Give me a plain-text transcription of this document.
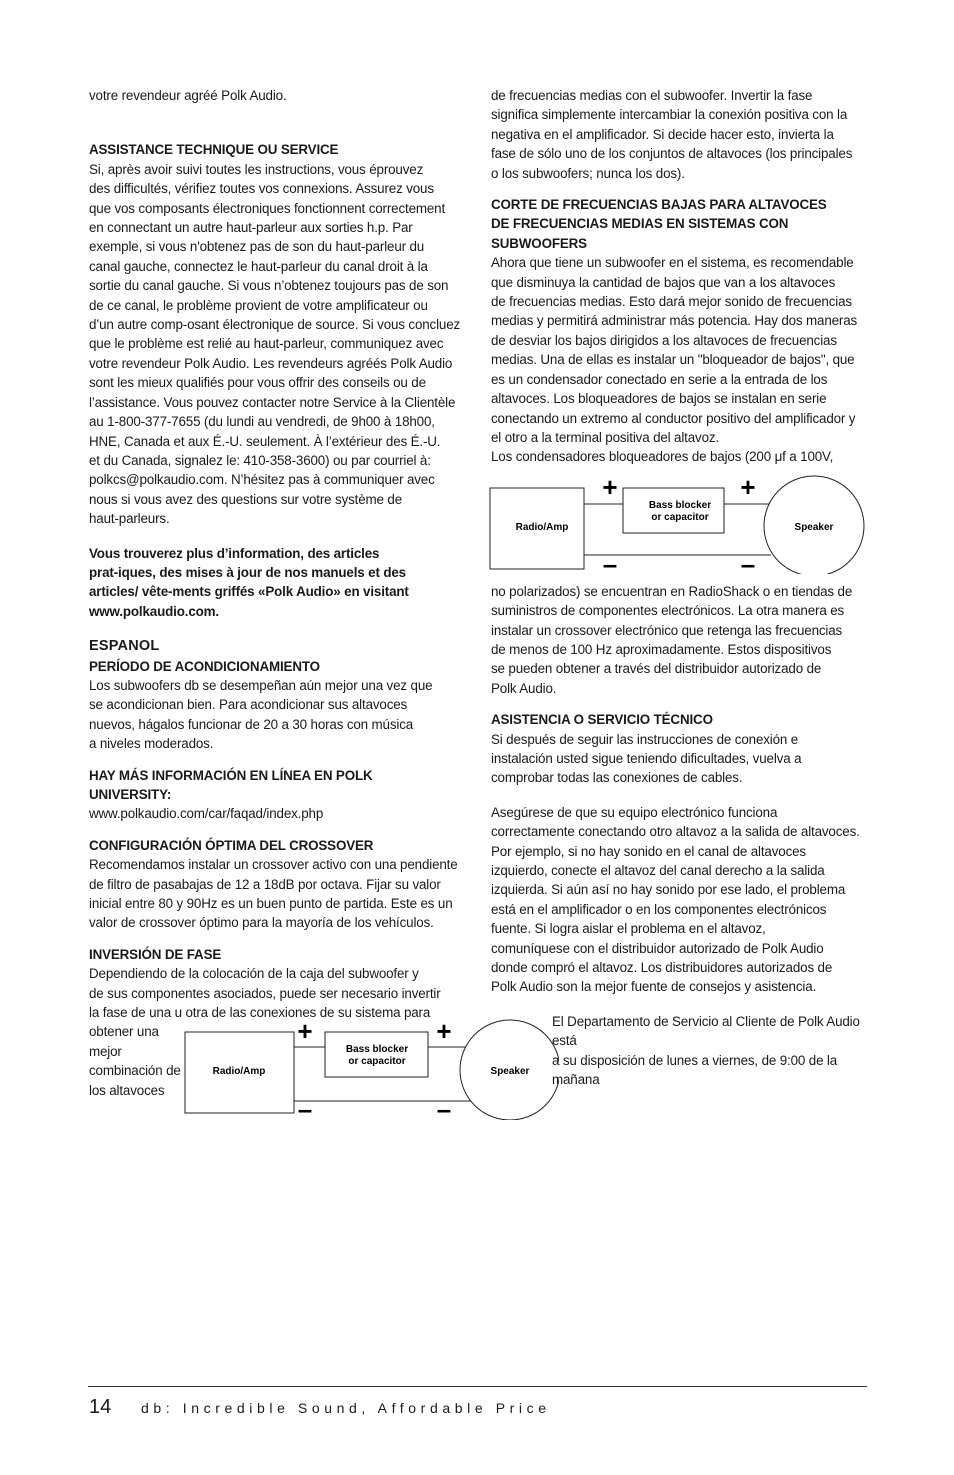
votre revendeur agréé Polk Audio.

ASSISTANCE TECHNIQUE OU SERVICE

Si, après avoir suivi toutes les instructions, vous éprouvez

des difficultés, vérifiez toutes vos connexions. Assurez vous

que vos composants électroniques fonctionnent correctement

en connectant un autre haut-parleur aux sorties h.p. Par

exemple, si vous n'obtenez pas de son du haut-parleur du

canal gauche, connectez le haut-parleur du canal droit à la

sortie du canal gauche. Si vous n’obtenez toujours pas de son

de ce canal, le problème provient de votre amplificateur ou

d’un autre comp-osant électronique de source. Si vous concluez

que le problème est relié au haut-parleur, communiquez avec

votre revendeur Polk Audio. Les revendeurs agréés Polk Audio

sont les mieux qualifiés pour vous offrir des conseils ou de

l’assistance. Vous pouvez contacter notre Service à la Clientèle

au 1-800-377-7655 (du lundi au vendredi, de 9h00 à 18h00,

HNE, Canada et aux É.-U. seulement. À l’extérieur des É.-U.

et du Canada, signalez le: 410-358-3600) ou par courriel à:

polkcs@polkaudio.com. N’hésitez pas à communiquer avec

nous si vous avez des questions sur votre système de

haut-parleurs.

Vous trouverez plus d’information, des articles

prat-iques, des mises à jour de nos manuels et des

articles/ vête-ments griffés «Polk Audio» en visitant

www.polkaudio.com.

ESPANOL

PERÍODO DE ACONDICIONAMIENTO

Los subwoofers db se desempeñan aún mejor una vez que

se acondicionan bien. Para acondicionar sus altavoces

nuevos, hágalos funcionar de 20 a 30 horas con música

a niveles moderados.

HAY MÁS INFORMACIÓN EN LÍNEA EN POLK

UNIVERSITY:

www.polkaudio.com/car/faqad/index.php

CONFIGURACIÓN ÓPTIMA DEL CROSSOVER

Recomendamos instalar un crossover activo con una pendiente

de filtro de pasabajas de 12 a 18dB por octava. Fijar su valor

inicial entre 80 y 90Hz es un buen punto de partida. Este es un

valor de crossover óptimo para la mayoría de los vehículos.

INVERSIÓN DE FASE

Dependiendo de la colocación de la caja del subwoofer y

de sus componentes asociados, puede ser necesario invertir

la fase de una u otra de las conexiones de su sistema para

obtener una

mejor

combinación de

los altavoces

Radio/Amp
Bass blocker
or capacitor
Speaker
+	+
–	–

de frecuencias medias con el subwoofer. Invertir la fase

significa simplemente intercambiar la conexión positiva con la

negativa en el amplificador. Si decide hacer esto, invierta la

fase de sólo uno de los conjuntos de altavoces (los principales

o los subwoofers; nunca los dos).

CORTE DE FRECUENCIAS BAJAS PARA ALTAVOCES

DE FRECUENCIAS MEDIAS EN SISTEMAS CON

SUBWOOFERS

Ahora que tiene un subwoofer en el sistema, es recomendable

que disminuya la cantidad de bajos que van a los altavoces

de frecuencias medias. Esto dará mejor sonido de frecuencias

medias y permitirá administrar más potencia. Hay dos maneras

de desviar los bajos dirigidos a los altavoces de frecuencias

medias. Una de ellas es instalar un "bloqueador de bajos", que

es un condensador conectado en serie a la entrada de los

altavoces. Los bloqueadores de bajos se instalan en serie

conectando un extremo al conductor positivo del amplificador y

el otro a la terminal positiva del altavoz.

Los condensadores bloqueadores de bajos (200 μf a 100V,

no polarizados) se encuentran en RadioShack o en tiendas de

suministros de componentes electrónicos. La otra manera es

instalar un crossover electrónico que retenga las frecuencias

de menos de 100 Hz aproximadamente. Estos dispositivos

se pueden obtener a través del distribuidor autorizado de

Polk Audio.

ASISTENCIA O SERVICIO TÉCNICO

Si después de seguir las instrucciones de conexión e

instalación usted sigue teniendo dificultades, vuelva a

comprobar todas las conexiones de cables.

Asegúrese de que su equipo electrónico funciona

correctamente conectando otro altavoz a la salida de altavoces.

Por ejemplo, si no hay sonido en el canal de altavoces

izquierdo, conecte el altavoz del canal derecho a la salida

izquierda. Si aún así no hay sonido por ese lado, el problema

está en el amplificador o en los componentes electrónicos

fuente. Si logra aislar el problema en el altavoz,

comuníquese con el distribuidor autorizado de Polk Audio

donde compró el altavoz. Los distribuidores autorizados de

Polk Audio son la mejor fuente de consejos y asistencia.

Radio/Amp
Bass blocker
or capacitor
Speaker
+	+
–	–

El Departamento de Servicio al Cliente de Polk Audio

está

a su disposición de lunes a viernes, de 9:00 de la

mañana

14 db: Incredible Sound, Affordable Price
